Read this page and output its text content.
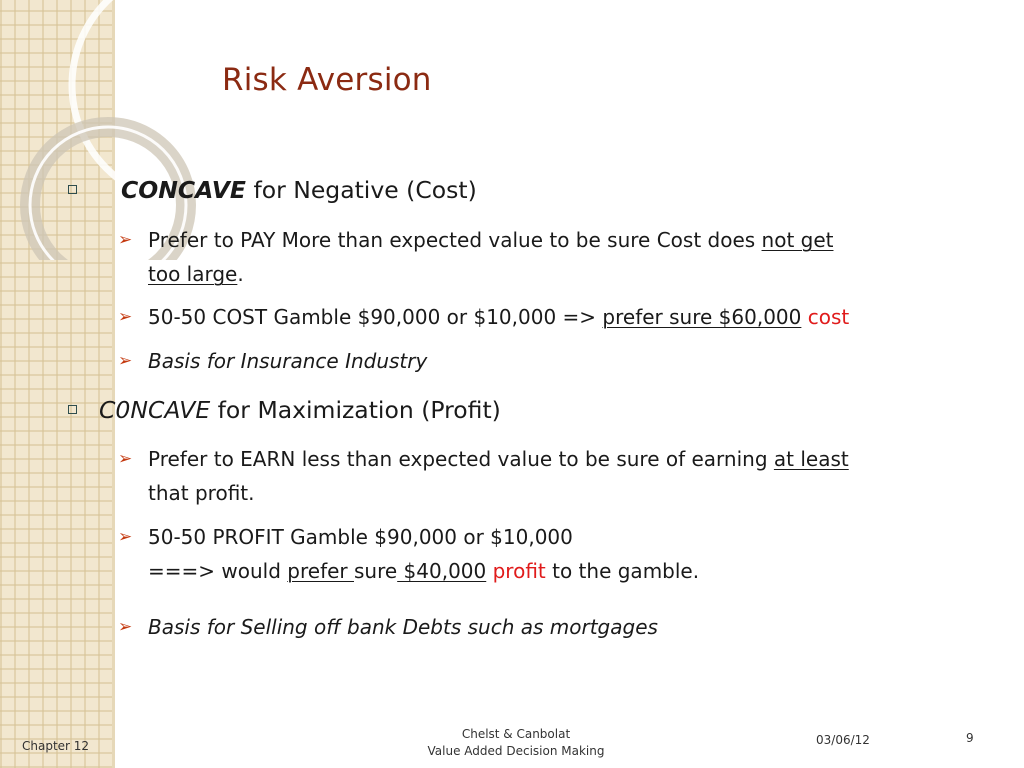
Risk Aversion
CONCAVE for Negative (Cost)
➢ Prefer to PAY More than expected value to be sure Cost does not get
too large.
➢ 50-50 COST Gamble $90,000 or $10,000 => prefer sure $60,000 cost
➢ Basis for Insurance Industry
C0NCAVE for Maximization (Profit)
➢ Prefer to EARN less than expected value to be sure of earning at least
that profit.
➢ 50-50 PROFIT Gamble $90,000 or $10,000
===> would prefer sure $40,000 profit to the gamble.
➢ Basis for Selling off bank Debts such as mortgages
Chapter 12
Chelst & Canbolat
Value Added Decision Making
03/06/12	9
